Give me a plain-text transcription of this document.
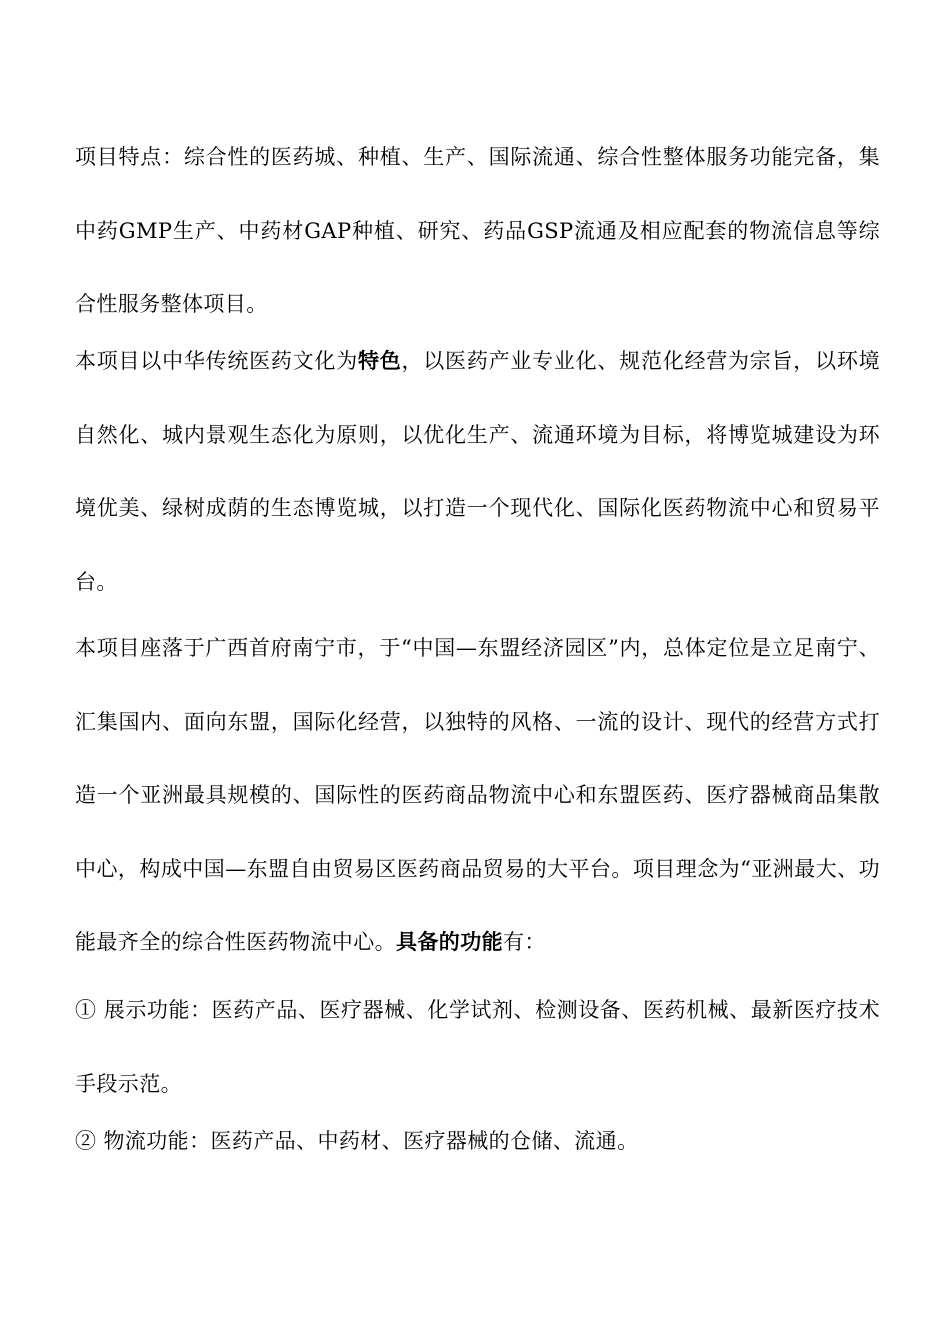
项目特点：综合性的医药城、种植、生产、国际流通、综合性整体服务功能完备，集中药GMP生产、中药材GAP种植、研究、药品GSP流通及相应配套的物流信息等综合性服务整体项目。

本项目以中华传统医药文化为特色，以医药产业专业化、规范化经营为宗旨，以环境自然化、城内景观生态化为原则，以优化生产、流通环境为目标，将博览城建设为环境优美、绿树成荫的生态博览城，以打造一个现代化、国际化医药物流中心和贸易平台。

本项目座落于广西首府南宁市，于“中国—东盟经济园区”内，总体定位是立足南宁、汇集国内、面向东盟，国际化经营，以独特的风格、一流的设计、现代的经营方式打造一个亚洲最具规模的、国际性的医药商品物流中心和东盟医药、医疗器械商品集散中心，构成中国—东盟自由贸易区医药商品贸易的大平台。项目理念为“亚洲最大、功能最齐全的综合性医药物流中心。具备的功能有：

① 展示功能：医药产品、医疗器械、化学试剂、检测设备、医药机械、最新医疗技术手段示范。

② 物流功能：医药产品、中药材、医疗器械的仓储、流通。
